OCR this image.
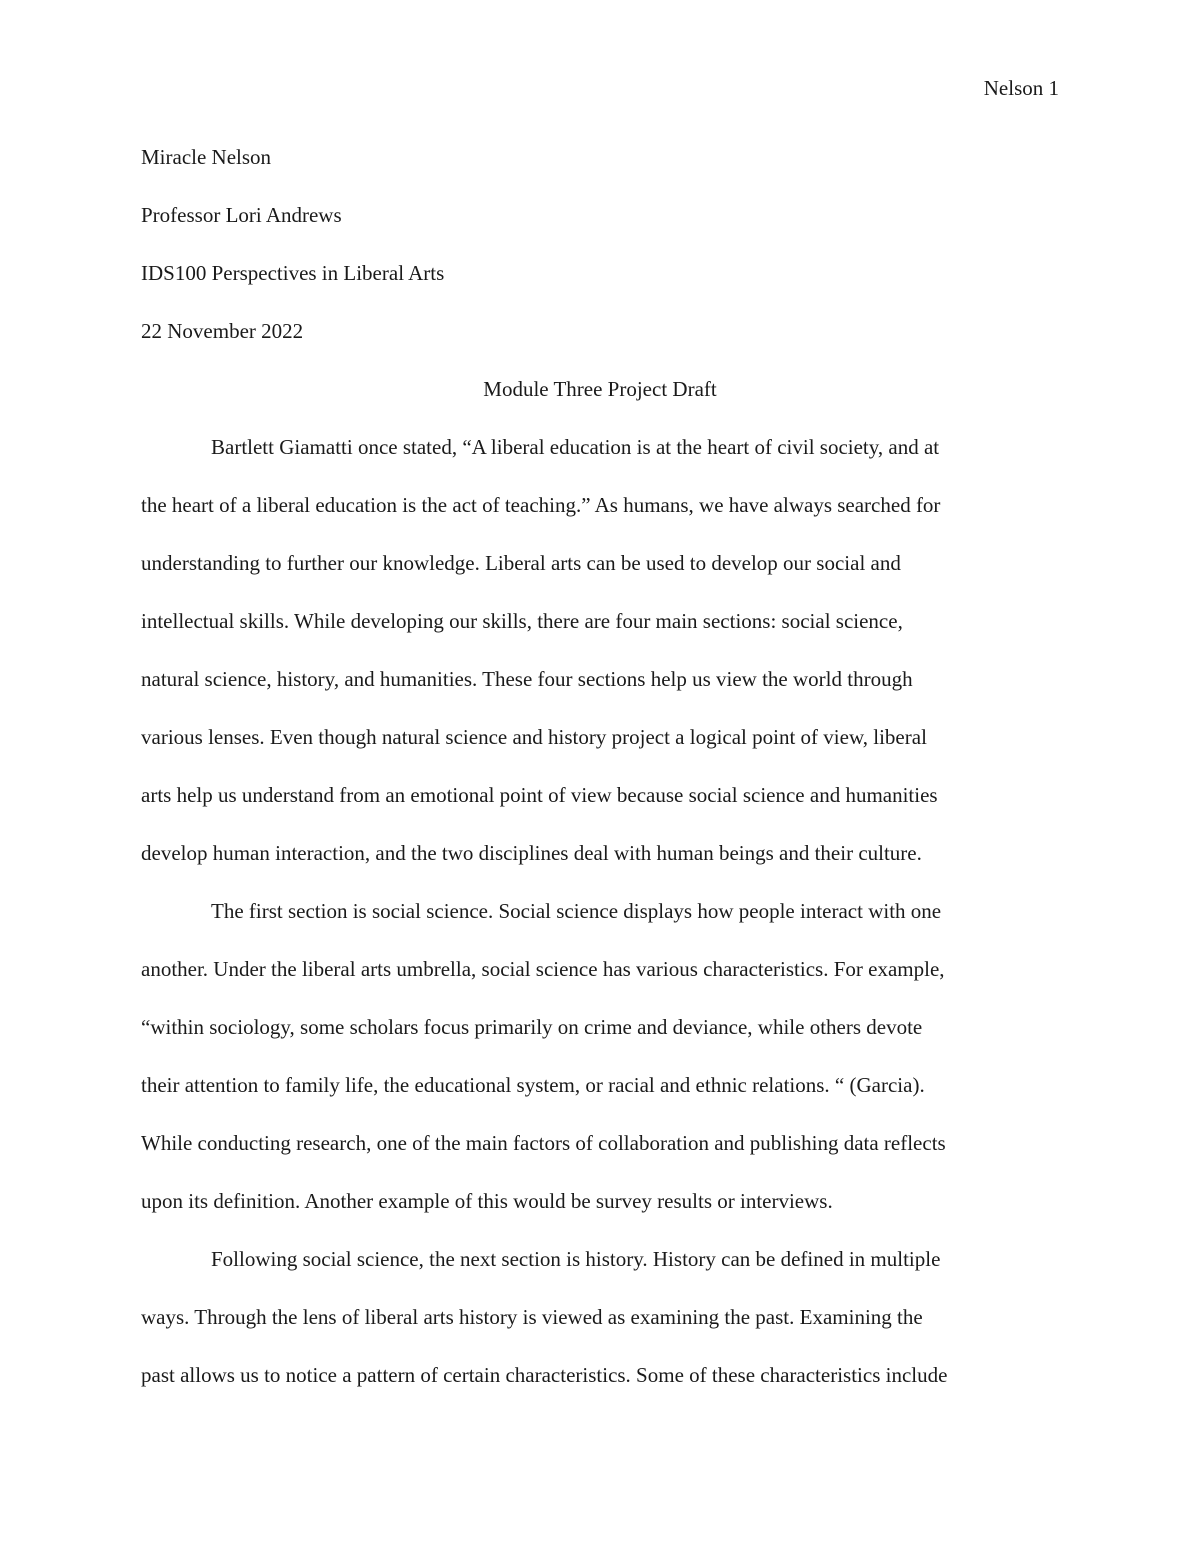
Nelson 1
Miracle Nelson
Professor Lori Andrews
IDS100 Perspectives in Liberal Arts
22 November 2022
Module Three Project Draft
Bartlett Giamatti once stated, “A liberal education is at the heart of civil society, and at
the heart of a liberal education is the act of teaching.” As humans, we have always searched for
understanding to further our knowledge. Liberal arts can be used to develop our social and
intellectual skills. While developing our skills, there are four main sections: social science,
natural science, history, and humanities. These four sections help us view the world through
various lenses. Even though natural science and history project a logical point of view, liberal
arts help us understand from an emotional point of view because social science and humanities
develop human interaction, and the two disciplines deal with human beings and their culture.
The first section is social science. Social science displays how people interact with one
another. Under the liberal arts umbrella, social science has various characteristics. For example,
“within sociology, some scholars focus primarily on crime and deviance, while others devote
their attention to family life, the educational system, or racial and ethnic relations. “ (Garcia).
While conducting research, one of the main factors of collaboration and publishing data reflects
upon its definition. Another example of this would be survey results or interviews.
Following social science, the next section is history. History can be defined in multiple
ways. Through the lens of liberal arts history is viewed as examining the past. Examining the
past allows us to notice a pattern of certain characteristics. Some of these characteristics include
